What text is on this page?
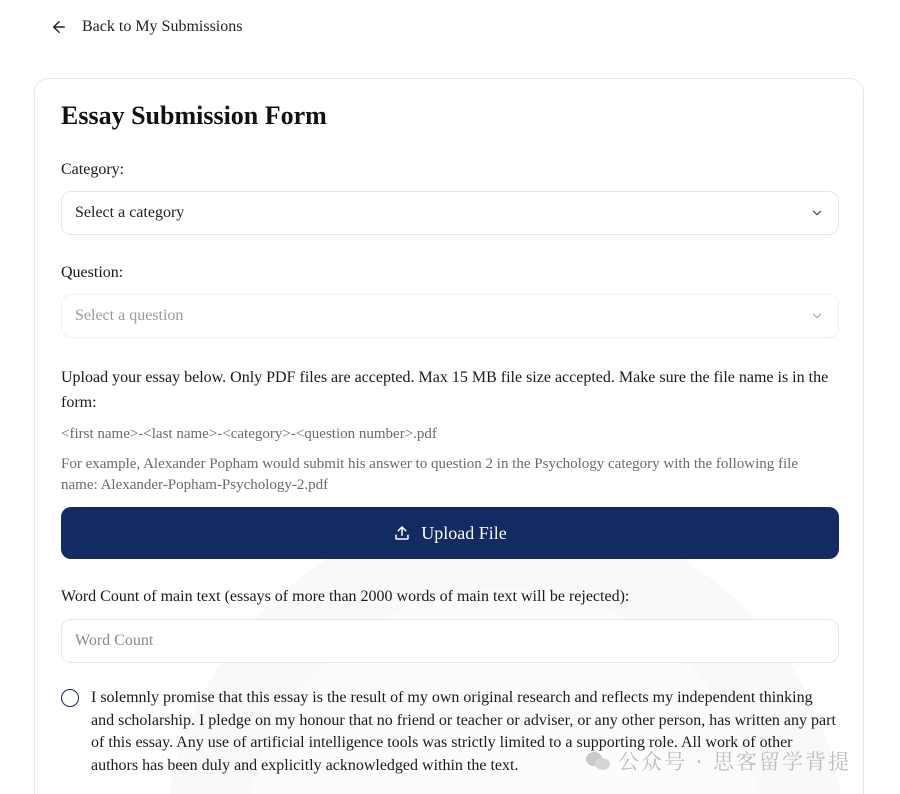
Back to My Submissions
Essay Submission Form
Category:
Select a category
Question:
Select a question
Upload your essay below. Only PDF files are accepted. Max 15 MB file size accepted. Make sure the file name is in the form:
<first name>-<last name>-<category>-<question number>.pdf
For example, Alexander Popham would submit his answer to question 2 in the Psychology category with the following file name: Alexander-Popham-Psychology-2.pdf
Upload File
Word Count of main text (essays of more than 2000 words of main text will be rejected):
Word Count
I solemnly promise that this essay is the result of my own original research and reflects my independent thinking and scholarship. I pledge on my honour that no friend or teacher or adviser, or any other person, has written any part of this essay. Any use of artificial intelligence tools was strictly limited to a supporting role. All work of other authors has been duly and explicitly acknowledged within the text.	公众号 · 思客留学背提
